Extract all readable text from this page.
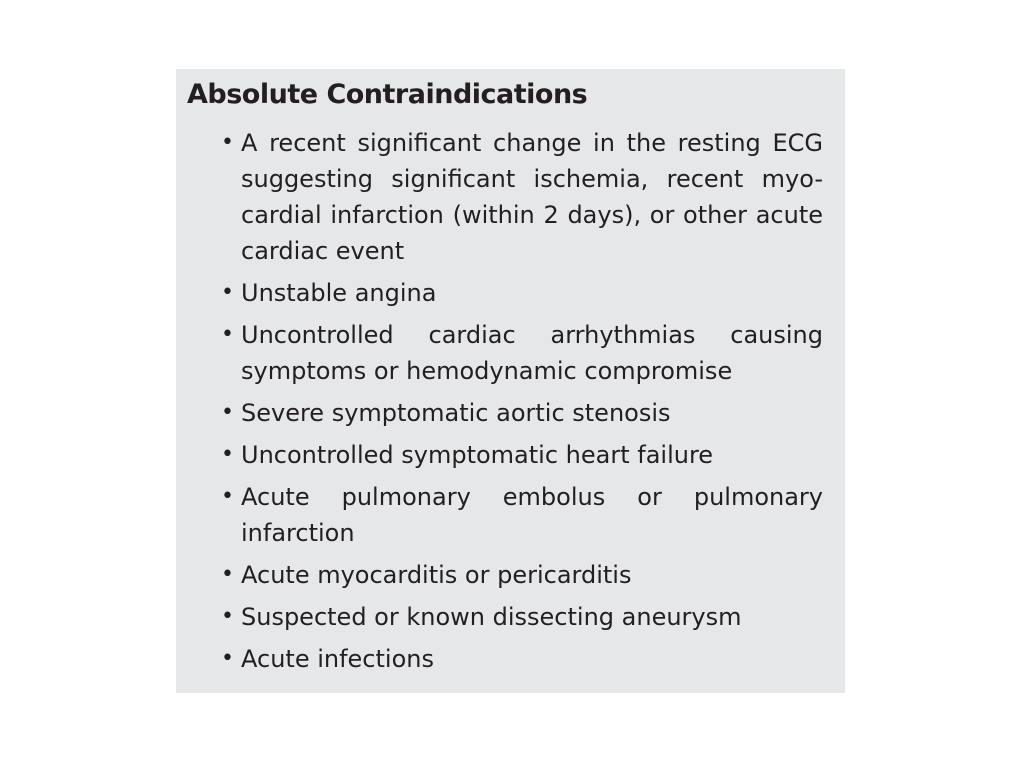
Absolute Contraindications
• A recent significant change in the resting ECG suggesting significant ischemia, recent myo-cardial infarction (within 2 days), or other acute cardiac event
• Unstable angina
• Uncontrolled cardiac arrhythmias causing symptoms or hemodynamic compromise
• Severe symptomatic aortic stenosis
• Uncontrolled symptomatic heart failure
• Acute pulmonary embolus or pulmonary infarction
• Acute myocarditis or pericarditis
• Suspected or known dissecting aneurysm
• Acute infections
